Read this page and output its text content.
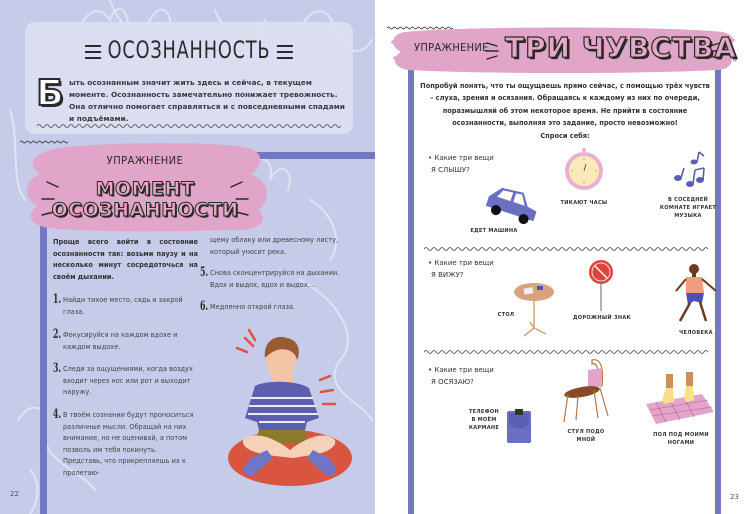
ОСОЗНАННОСТЬ
Б ыть осознанным значит жить здесь и сейчас, в текущем моменте. Осознанность замечательно понижает тревожность. Она отлично помогает справляться и с повседневными спадами и подъёмами.
УПРАЖНЕНИЕ
МОМЕНТ
ОСОЗНАННОСТИ
Проще всего войти в состояние осознанности так: возьми паузу и на несколько минут сосредоточься на своём дыхании.
1. Найди тихое место, сядь и закрой глаза.
2. Фокусируйся на каждом вдохе и каждом выдохе.
3. Следи за ощущениями, когда воздух входит через нос или рот и выходит наружу.
4. В твоём сознании будут проноситься различные мысли. Обращай на них внимание, но не оценивай, а потом позволь им тебя покинуть. Представь, что прикрепляешь их к пролетаю-
щему облаку или древесному листу, который уносит река.
5. Снова сконцентрируйся на дыхании. Вдох и выдох, вдох и выдох...
6. Медленно открой глаза.
22
УПРАЖНЕНИЕ ТРИ ЧУВСТВА
Попробуй понять, что ты ощущаешь прямо сейчас, с помощью трёх чувств – слуха, зрения и осязания. Обращаясь к каждому из них по очереди, поразмышляй об этом некоторое время. Не прийти в состояние осознанности, выполняя это задание, просто невозможно!
Спроси себя:
• Какие три вещи
Я СЛЫШУ?
ЕДЕТ МАШИНА
ТИКАЮТ ЧАСЫ	В СОСЕДНЕЙ КОМНАТЕ ИГРАЕТ МУЗЫКА
• Какие три вещи
Я ВИЖУ?
СТОЛ	ДОРОЖНЫЙ ЗНАК
ЧЕЛОВЕКА
• Какие три вещи
Я ОСЯЗАЮ?
ТЕЛЕФОН В МОЁМ КАРМАНЕ
СТУЛ ПОДО МНОЙ
ПОЛ ПОД МОИМИ НОГАМИ
23
